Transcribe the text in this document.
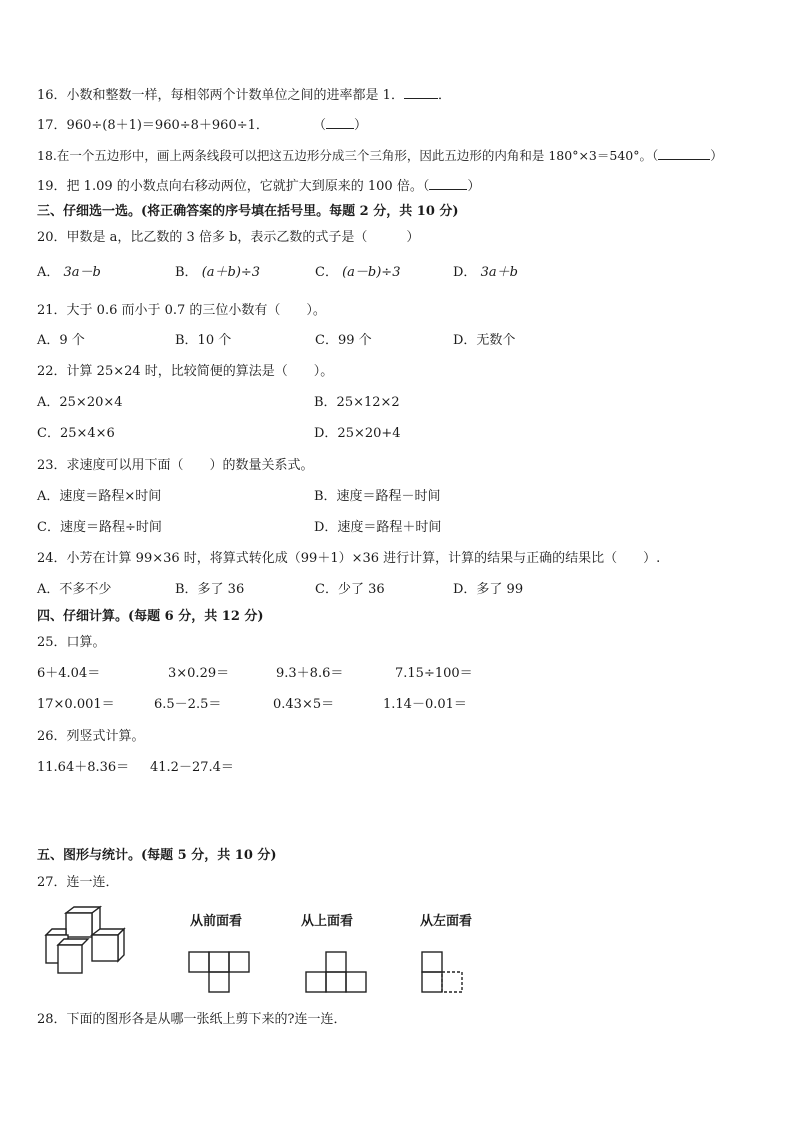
16．小数和整数一样，每相邻两个计数单位之间的进率都是 1．	．
17．960÷(8＋1)＝960÷8＋960÷1．	（ ）
18.在一个五边形中，画上两条线段可以把这五边形分成三个三角形，因此五边形的内角和是 180°×3＝540°。（	）
19．把 1.09 的小数点向右移动两位，它就扩大到原来的 100 倍。（	）
三、仔细选一选。(将正确答案的序号填在括号里。每题 2 分，共 10 分)
20．甲数是 a，比乙数的 3 倍多 b，表示乙数的式子是（　　　）
A． 3a－b	B． (a＋b)÷3	C． (a－b)÷3	D． 3a＋b
21．大于 0.6 而小于 0.7 的三位小数有（　　）。
A．9 个	B．10 个	C．99 个	D．无数个
22．计算 25×24 时，比较简便的算法是（　　）。
A．25×20×4	B．25×12×2
C．25×4×6	D．25×20+4
23．求速度可以用下面（　　）的数量关系式。
A．速度＝路程×时间	B．速度＝路程－时间
C．速度＝路程÷时间	D．速度＝路程＋时间
24．小芳在计算 99×36 时，将算式转化成（99＋1）×36 进行计算，计算的结果与正确的结果比（　　）.
A．不多不少	B．多了 36	C．少了 36	D．多了 99
四、仔细计算。(每题 6 分，共 12 分)
25．口算。
6＋4.04＝	3×0.29＝	9.3＋8.6＝	7.15÷100＝
17×0.001＝	6.5－2.5＝	0.43×5＝	1.14－0.01＝
26．列竖式计算。
11.64＋8.36＝ 41.2－27.4＝
五、图形与统计。(每题 5 分，共 10 分)
27．连一连．
从前面看	从上面看	从左面看
28．下面的图形各是从哪一张纸上剪下来的?连一连．
